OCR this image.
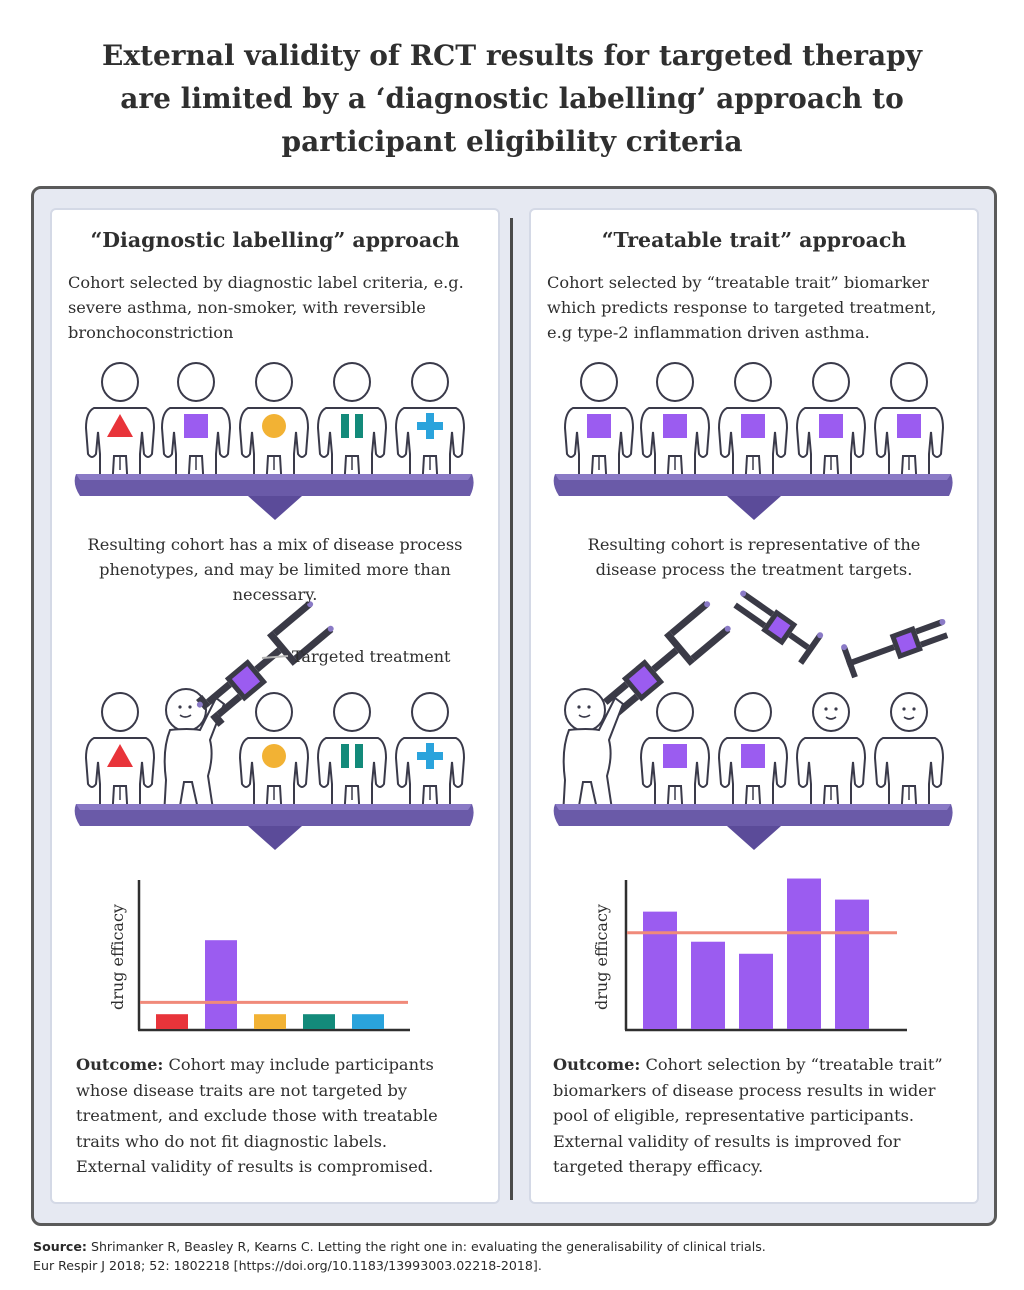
External validity of RCT results for targeted therapy
are limited by a ‘diagnostic labelling’ approach to
participant eligibility criteria
“Diagnostic labelling” approach
Cohort selected by diagnostic label criteria, e.g.
severe asthma, non-smoker, with reversible
bronchoconstriction
Targeted treatment
drug efficacy
Resulting cohort has a mix of disease process
phenotypes, and may be limited more than
necessary.
Outcome: Cohort may include participants
whose disease traits are not targeted by
treatment, and exclude those with treatable
traits who do not fit diagnostic labels.
External validity of results is compromised.
“Treatable trait” approach
Cohort selected by “treatable trait” biomarker
which predicts response to targeted treatment,
e.g type-2 inflammation driven asthma.
drug efficacy
Resulting cohort is representative of the
disease process the treatment targets.
Outcome: Cohort selection by “treatable trait”
biomarkers of disease process results in wider
pool of eligible, representative participants.
External validity of results is improved for
targeted therapy efficacy.
Source: Shrimanker R, Beasley R, Kearns C. Letting the right one in: evaluating the generalisability of clinical trials.
Eur Respir J 2018; 52: 1802218 [https://doi.org/10.1183/13993003.02218-2018].
